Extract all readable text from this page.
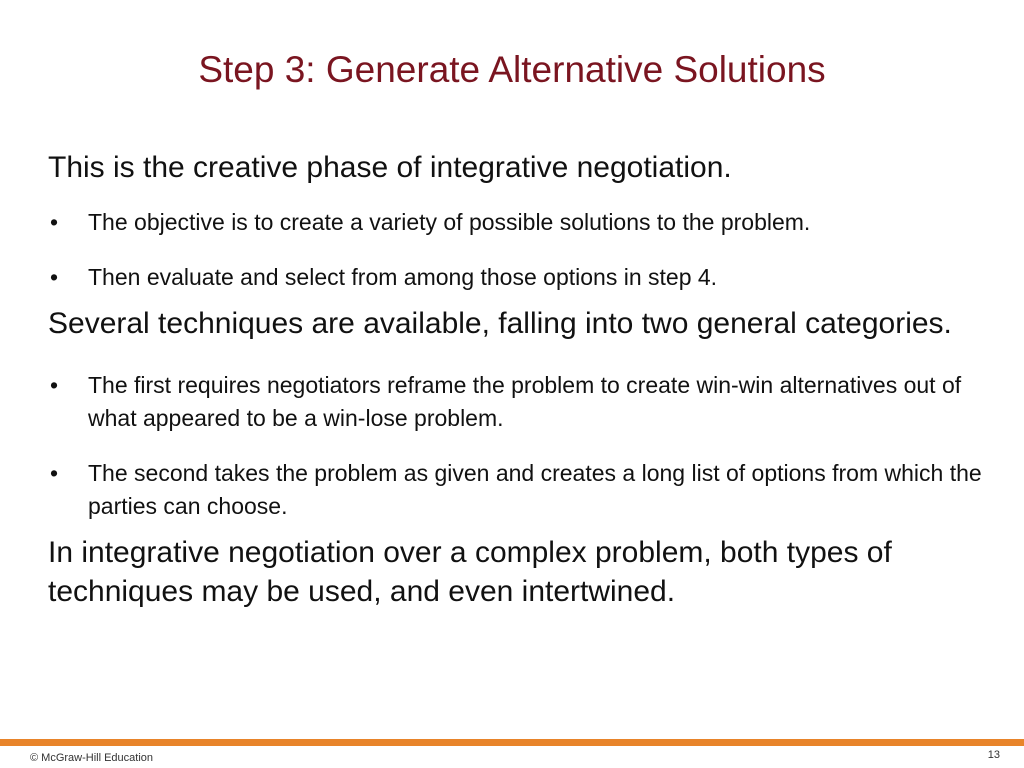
Step 3: Generate Alternative Solutions

This is the creative phase of integrative negotiation.

• The objective is to create a variety of possible solutions to the problem.
• Then evaluate and select from among those options in step 4.

Several techniques are available, falling into two general categories.

• The first requires negotiators reframe the problem to create win-win alternatives out of what appeared to be a win-lose problem.
• The second takes the problem as given and creates a long list of options from which the parties can choose.

In integrative negotiation over a complex problem, both types of techniques may be used, and even intertwined.

© McGraw-Hill Education	13
